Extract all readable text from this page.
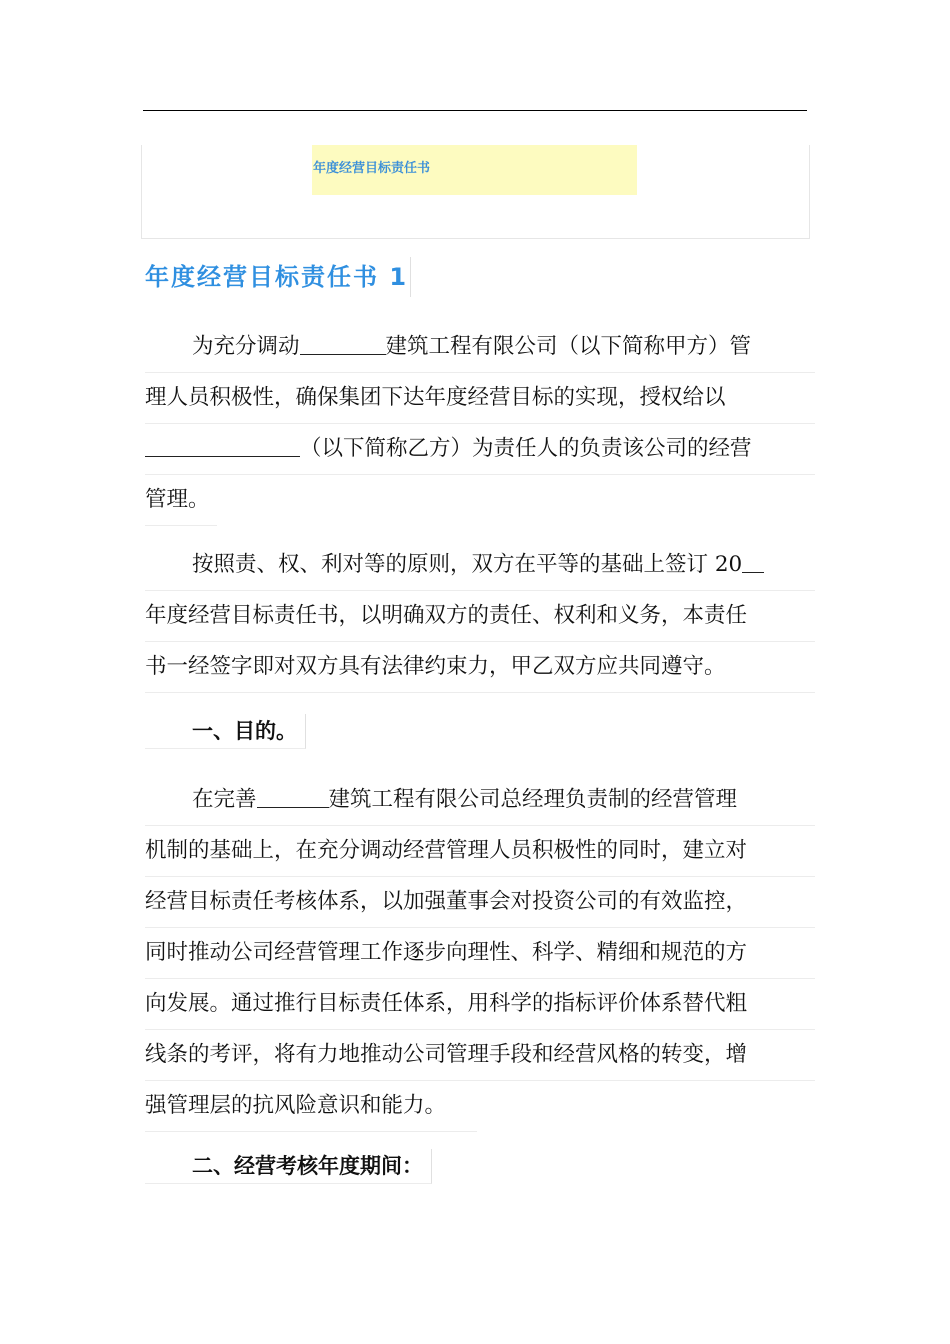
年度经营目标责任书
年度经营目标责任书 1
为充分调动	建筑工程有限公司（以下简称甲方）管
理人员积极性，确保集团下达年度经营目标的实现，授权给以
（以下简称乙方）为责任人的负责该公司的经营
管理。
按照责、权、利对等的原则，双方在平等的基础上签订 20
年度经营目标责任书，以明确双方的责任、权利和义务，本责任
书一经签字即对双方具有法律约束力，甲乙双方应共同遵守。
一、目的。
在完善	建筑工程有限公司总经理负责制的经营管理
机制的基础上，在充分调动经营管理人员积极性的同时，建立对
经营目标责任考核体系，以加强董事会对投资公司的有效监控，
同时推动公司经营管理工作逐步向理性、科学、精细和规范的方
向发展。通过推行目标责任体系，用科学的指标评价体系替代粗
线条的考评，将有力地推动公司管理手段和经营风格的转变，增
强管理层的抗风险意识和能力。
二、经营考核年度期间：
